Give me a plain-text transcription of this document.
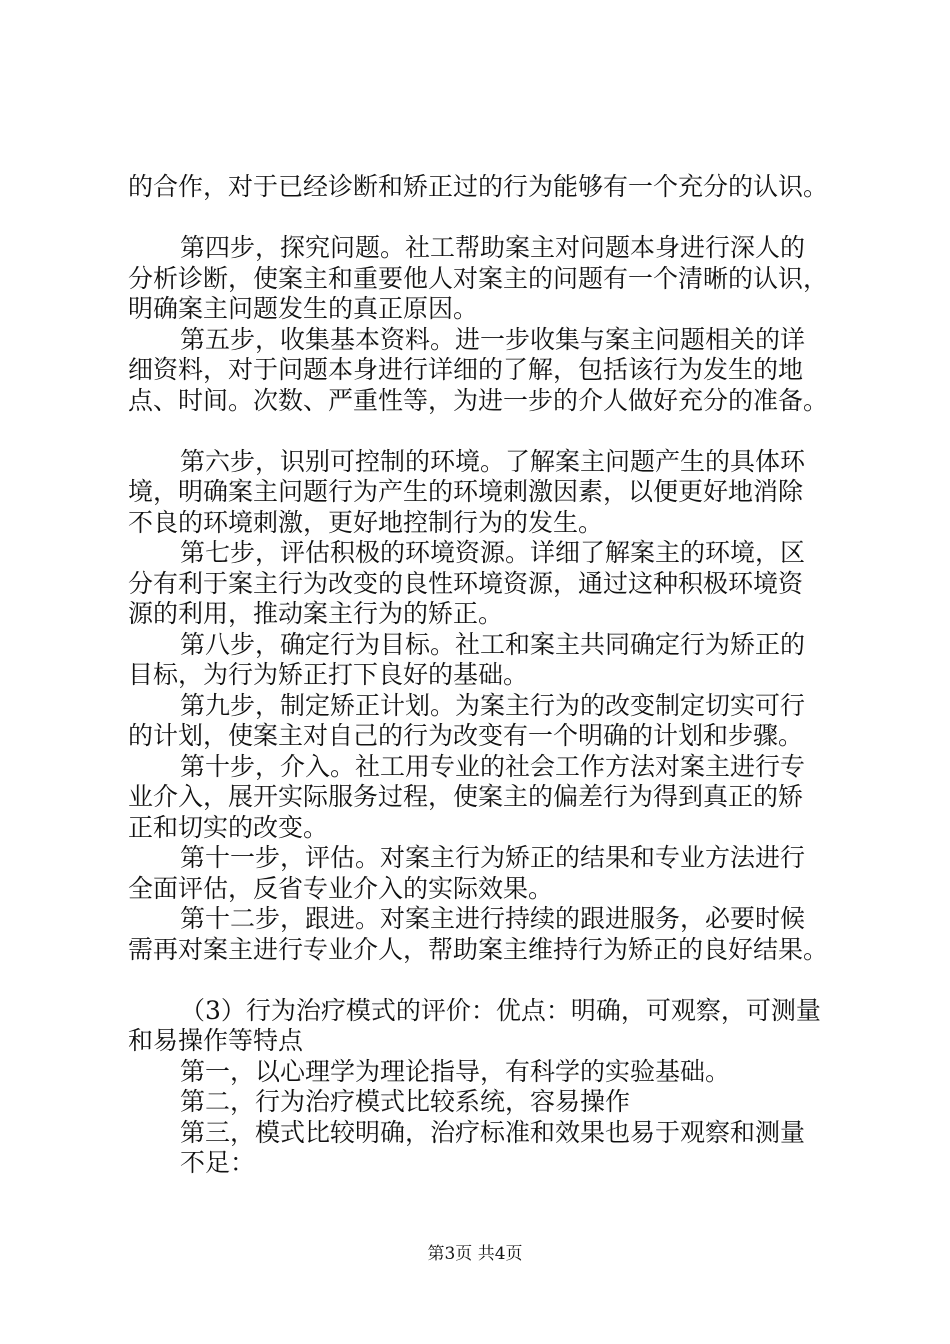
的合作，对于已经诊断和矫正过的行为能够有一个充分的认识。
第四步，探究问题。社工帮助案主对问题本身进行深人的
分析诊断，使案主和重要他人对案主的问题有一个清晰的认识，
明确案主问题发生的真正原因。
第五步，收集基本资料。进一步收集与案主问题相关的详
细资料，对于问题本身进行详细的了解，包括该行为发生的地
点、时间。次数、严重性等，为进一步的介人做好充分的准备。
第六步，识别可控制的环境。了解案主问题产生的具体环
境，明确案主问题行为产生的环境刺激因素，以便更好地消除
不良的环境刺激，更好地控制行为的发生。
第七步，评估积极的环境资源。详细了解案主的环境，区
分有利于案主行为改变的良性环境资源，通过这种积极环境资
源的利用，推动案主行为的矫正。
第八步，确定行为目标。社工和案主共同确定行为矫正的
目标，为行为矫正打下良好的基础。
第九步，制定矫正计划。为案主行为的改变制定切实可行
的计划，使案主对自己的行为改变有一个明确的计划和步骤。
第十步，介入。社工用专业的社会工作方法对案主进行专
业介入，展开实际服务过程，使案主的偏差行为得到真正的矫
正和切实的改变。
第十一步，评估。对案主行为矫正的结果和专业方法进行
全面评估，反省专业介入的实际效果。
第十二步，跟进。对案主进行持续的跟进服务，必要时候
需再对案主进行专业介人，帮助案主维持行为矫正的良好结果。
（3）行为治疗模式的评价：优点：明确，可观察，可测量
和易操作等特点
第一，以心理学为理论指导，有科学的实验基础。
第二，行为治疗模式比较系统，容易操作
第三，模式比较明确，治疗标准和效果也易于观察和测量
不足：
第3页 共4页
